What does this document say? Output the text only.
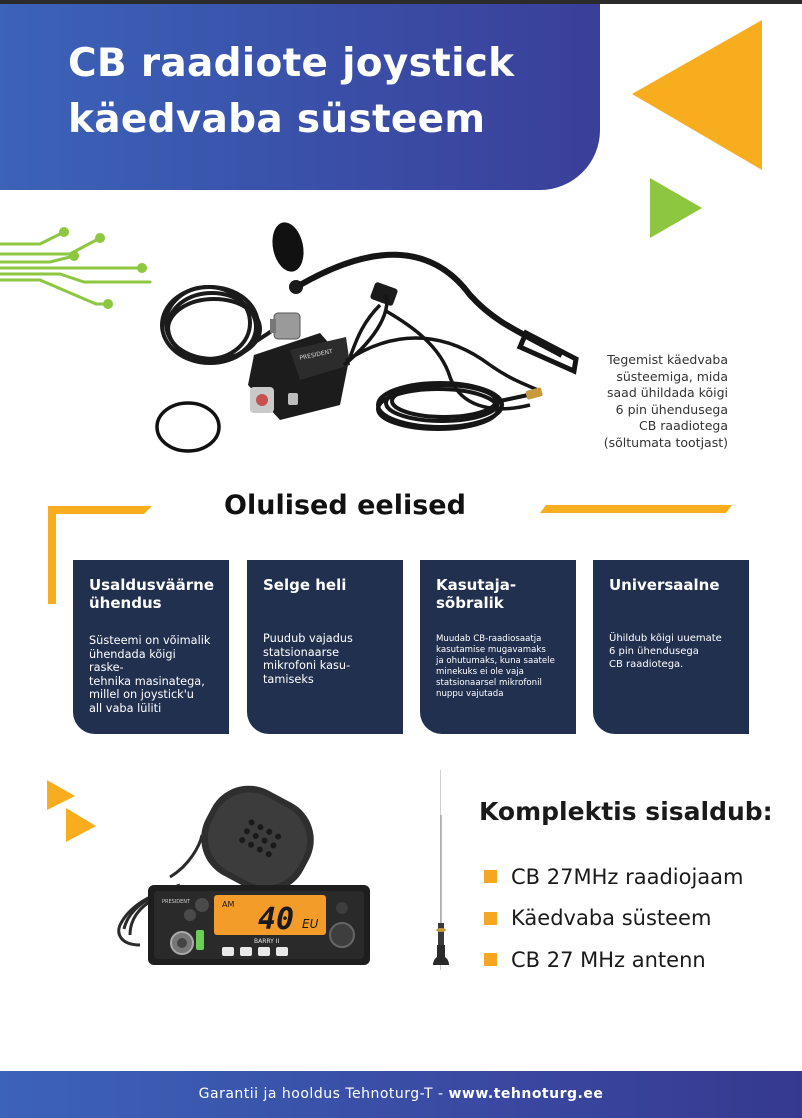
CB raadiote joystick
käedvaba süsteem
PRESIDENT	Tegemist käedvaba
süsteemiga, mida
saad ühildada kõigi
6 pin ühendusega
CB raadiotega
(sõltumata tootjast)
Olulised eelised
Usaldusväärne
ühendus

Süsteemi on võimalik
ühendada kõigi raske-
tehnika masinatega,
millel on joystick'u
all vaba lüliti

Selge heli

Puudub vajadus
statsionaarse
mikrofoni kasu-
tamiseks

Kasutaja-
sõbralik

Muudab CB-raadiosaatja
kasutamise mugavamaks
ja ohutumaks, kuna saatele
minekuks ei ole vaja
statsionaarsel mikrofonil
nuppu vajutada

Universaalne

Ühildub kõigi uuemate
6 pin ühendusega
CB raadiotega.

AM 40 EU
PRESIDENT
BARRY II
Komplektis sisaldub:
CB 27MHz raadiojaam
Käedvaba süsteem
CB 27 MHz antenn
Garantii ja hooldus Tehnoturg-T - www.tehnoturg.ee
